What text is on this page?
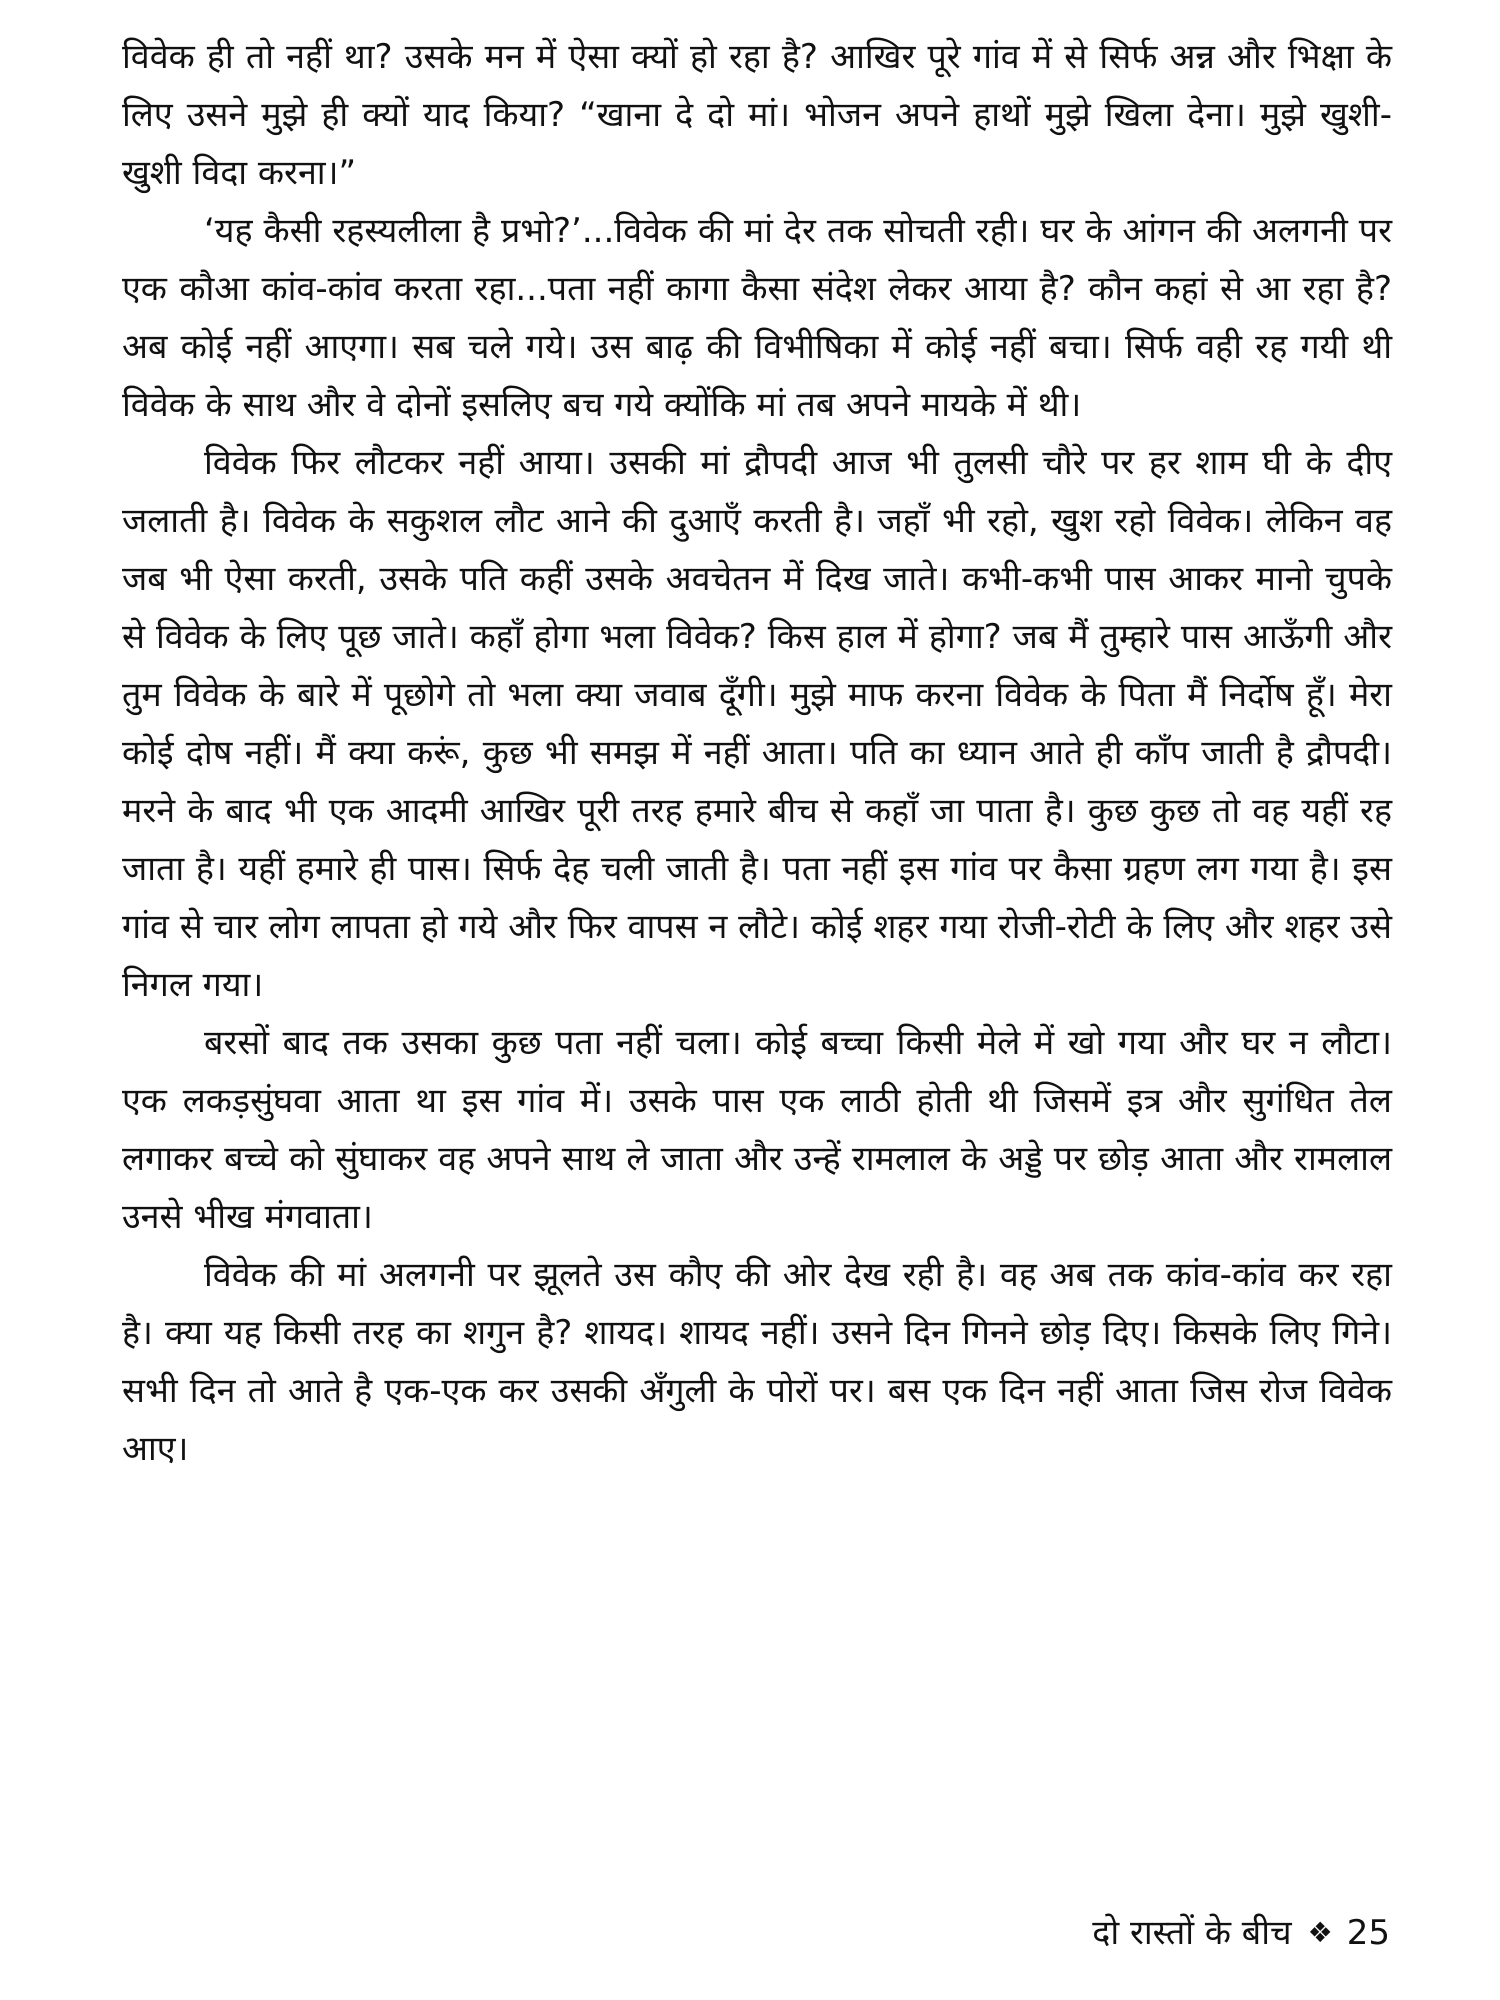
विवेक ही तो नहीं था? उसके मन में ऐसा क्यों हो रहा है? आखिर पूरे गांव में से सिर्फ अन्न और भिक्षा के लिए उसने मुझे ही क्यों याद किया? “खाना दे दो मां। भोजन अपने हाथों मुझे खिला देना। मुझे खुशी-खुशी विदा करना।”

‘यह कैसी रहस्यलीला है प्रभो?’...विवेक की मां देर तक सोचती रही। घर के आंगन की अलगनी पर एक कौआ कांव-कांव करता रहा...पता नहीं कागा कैसा संदेश लेकर आया है? कौन कहां से आ रहा है? अब कोई नहीं आएगा। सब चले गये। उस बाढ़ की विभीषिका में कोई नहीं बचा। सिर्फ वही रह गयी थी विवेक के साथ और वे दोनों इसलिए बच गये क्योंकि मां तब अपने मायके में थी।

विवेक फिर लौटकर नहीं आया। उसकी मां द्रौपदी आज भी तुलसी चौरे पर हर शाम घी के दीए जलाती है। विवेक के सकुशल लौट आने की दुआएँ करती है। जहाँ भी रहो, खुश रहो विवेक। लेकिन वह जब भी ऐसा करती, उसके पति कहीं उसके अवचेतन में दिख जाते। कभी-कभी पास आकर मानो चुपके से विवेक के लिए पूछ जाते। कहाँ होगा भला विवेक? किस हाल में होगा? जब मैं तुम्हारे पास आऊँगी और तुम विवेक के बारे में पूछोगे तो भला क्या जवाब दूँगी। मुझे माफ करना विवेक के पिता मैं निर्दोष हूँ। मेरा कोई दोष नहीं। मैं क्या करूं, कुछ भी समझ में नहीं आता। पति का ध्यान आते ही काँप जाती है द्रौपदी। मरने के बाद भी एक आदमी आखिर पूरी तरह हमारे बीच से कहाँ जा पाता है। कुछ कुछ तो वह यहीं रह जाता है। यहीं हमारे ही पास। सिर्फ देह चली जाती है। पता नहीं इस गांव पर कैसा ग्रहण लग गया है। इस गांव से चार लोग लापता हो गये और फिर वापस न लौटे। कोई शहर गया रोजी-रोटी के लिए और शहर उसे निगल गया।

बरसों बाद तक उसका कुछ पता नहीं चला। कोई बच्चा किसी मेले में खो गया और घर न लौटा। एक लकड़सुंघवा आता था इस गांव में। उसके पास एक लाठी होती थी जिसमें इत्र और सुगंधित तेल लगाकर बच्चे को सुंघाकर वह अपने साथ ले जाता और उन्हें रामलाल के अड्डे पर छोड़ आता और रामलाल उनसे भीख मंगवाता।

विवेक की मां अलगनी पर झूलते उस कौए की ओर देख रही है। वह अब तक कांव-कांव कर रहा है। क्या यह किसी तरह का शगुन है? शायद। शायद नहीं। उसने दिन गिनने छोड़ दिए। किसके लिए गिने। सभी दिन तो आते है एक-एक कर उसकी अँगुली के पोरों पर। बस एक दिन नहीं आता जिस रोज विवेक आए।

दो रास्तों के बीच ❖ 25
